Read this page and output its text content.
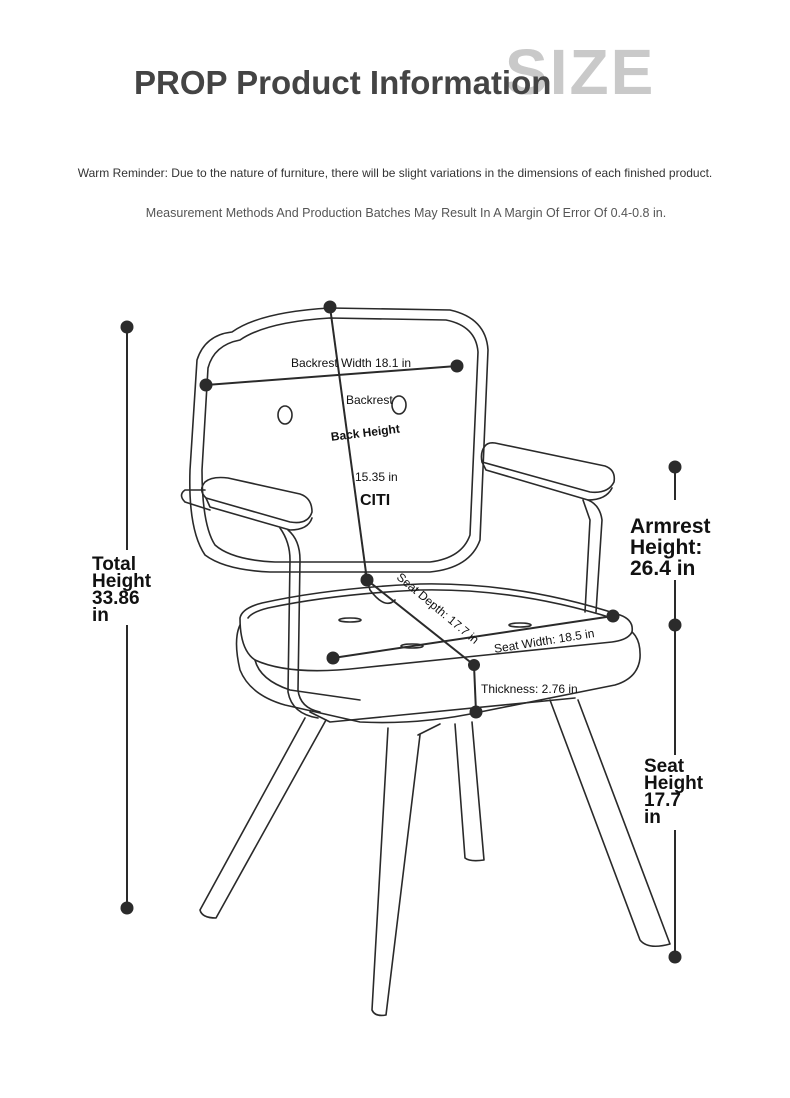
SIZE
PROP Product Information
Warm Reminder: Due to the nature of furniture, there will be slight variations in the dimensions of each finished product.
Measurement Methods And Production Batches May Result In A Margin Of Error Of 0.4-0.8 in.
Backrest Width 18.1 in
Backrest
Back Height
15.35 in
CITI
Seat Depth: 17.7 in Seat Width: 18.5 in
Thickness: 2.76 in
Total
Height
33.86
in
Armrest
Height:
26.4 in
Seat
Height
17.7
in
